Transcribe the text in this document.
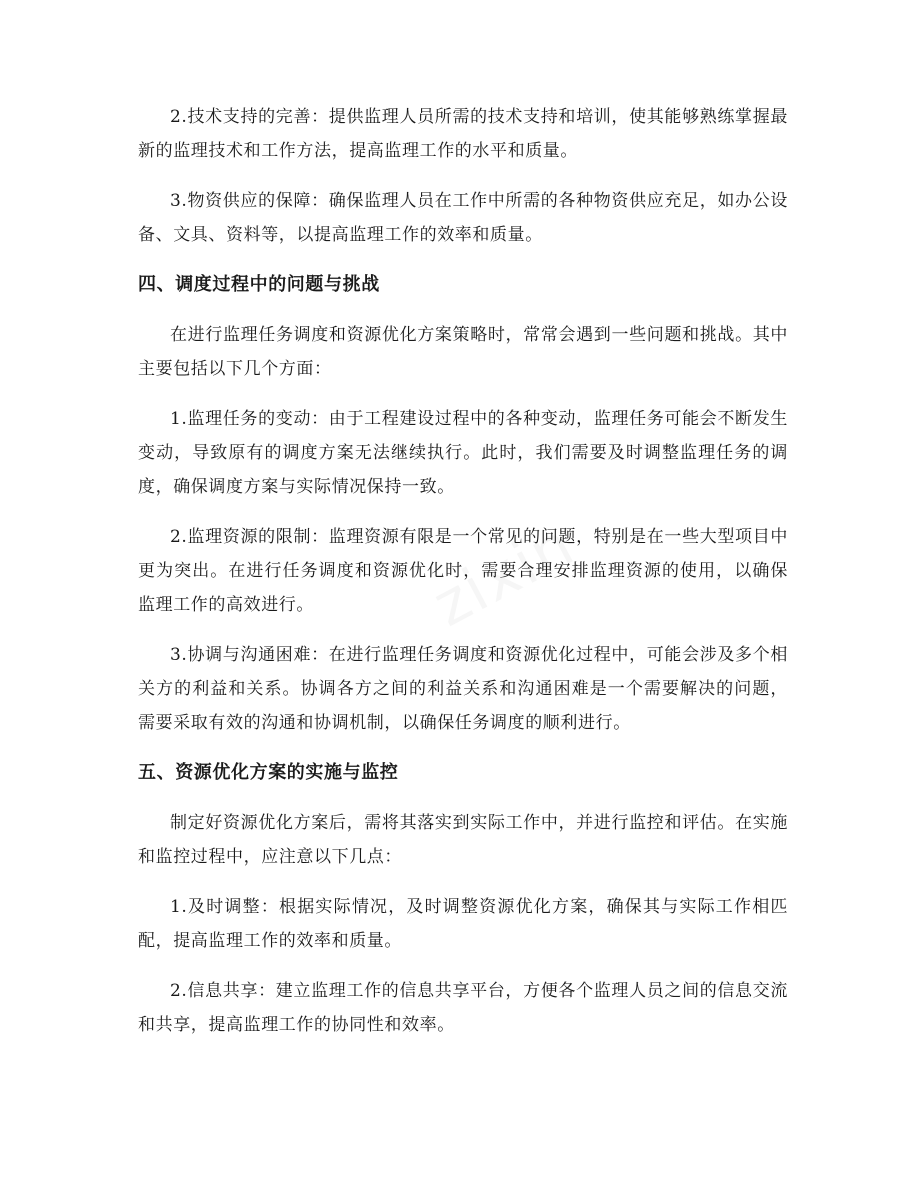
2.技术支持的完善：提供监理人员所需的技术支持和培训，使其能够熟练掌握最新的监理技术和工作方法，提高监理工作的水平和质量。

3.物资供应的保障：确保监理人员在工作中所需的各种物资供应充足，如办公设备、文具、资料等，以提高监理工作的效率和质量。

四、调度过程中的问题与挑战

在进行监理任务调度和资源优化方案策略时，常常会遇到一些问题和挑战。其中主要包括以下几个方面：

1.监理任务的变动：由于工程建设过程中的各种变动，监理任务可能会不断发生变动，导致原有的调度方案无法继续执行。此时，我们需要及时调整监理任务的调度，确保调度方案与实际情况保持一致。

2.监理资源的限制：监理资源有限是一个常见的问题，特别是在一些大型项目中更为突出。在进行任务调度和资源优化时，需要合理安排监理资源的使用，以确保监理工作的高效进行。

3.协调与沟通困难：在进行监理任务调度和资源优化过程中，可能会涉及多个相关方的利益和关系。协调各方之间的利益关系和沟通困难是一个需要解决的问题，需要采取有效的沟通和协调机制，以确保任务调度的顺利进行。

五、资源优化方案的实施与监控

制定好资源优化方案后，需将其落实到实际工作中，并进行监控和评估。在实施和监控过程中，应注意以下几点：

1.及时调整：根据实际情况，及时调整资源优化方案，确保其与实际工作相匹配，提高监理工作的效率和质量。

2.信息共享：建立监理工作的信息共享平台，方便各个监理人员之间的信息交流和共享，提高监理工作的协同性和效率。
